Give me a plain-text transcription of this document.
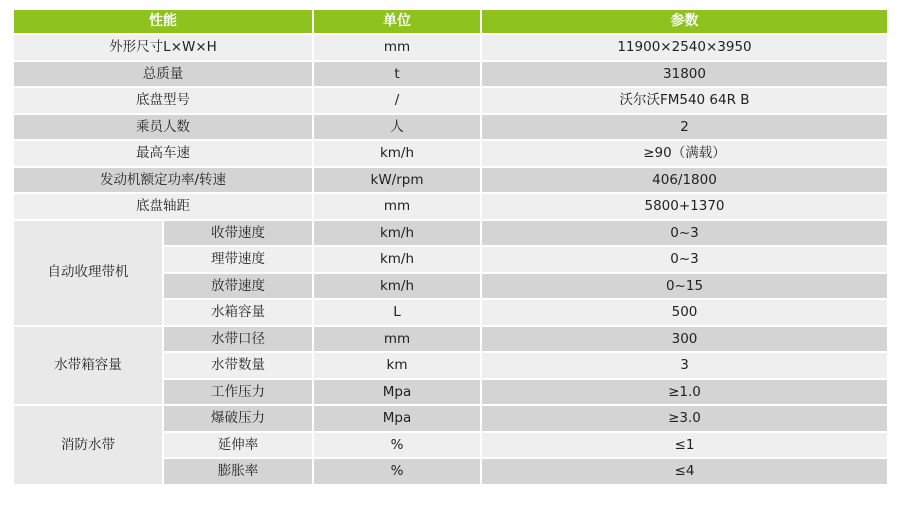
性能		单位	参数
外形尺寸L×W×H		mm	11900×2540×3950
总质量		t	31800
底盘型号		/	沃尔沃FM540 64R B
乘员人数		人	2
最高车速		km/h	≥90（满载）
发动机额定功率/转速		kW/rpm	406/1800
底盘轴距		mm	5800+1370
自动收理带机	收带速度	km/h	0~3
	理带速度	km/h	0~3
	放带速度	km/h	0~15
	水箱容量	L	500
水带箱容量	水带口径	mm	300
	水带数量	km	3
	工作压力	Mpa	≥1.0
消防水带	爆破压力	Mpa	≥3.0
	延伸率	%	≤1
	膨胀率	%	≤4
